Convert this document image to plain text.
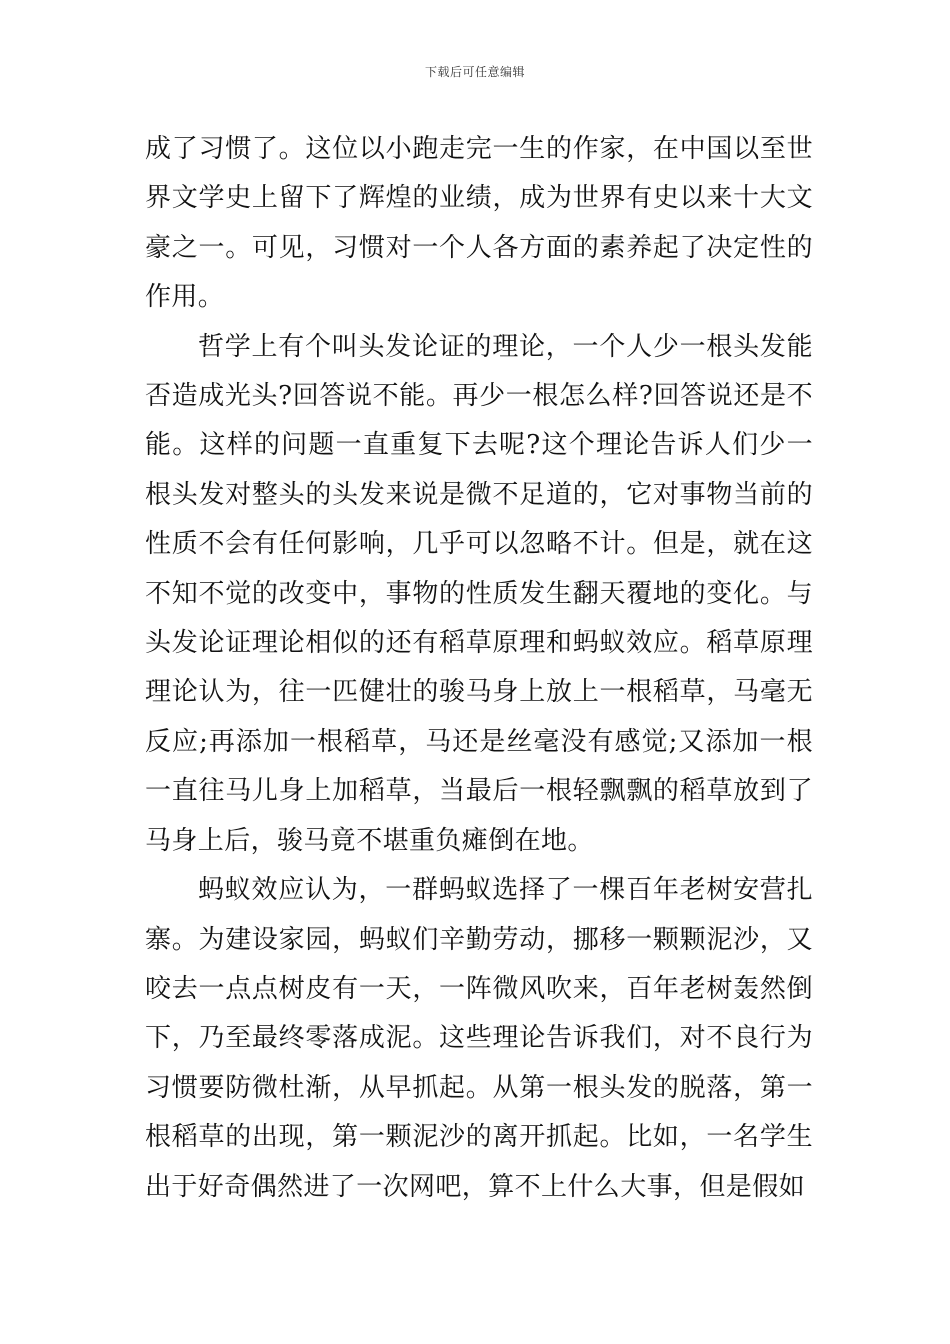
下载后可任意编辑

成了习惯了。这位以小跑走完一生的作家，在中国以至世界文学史上留下了辉煌的业绩，成为世界有史以来十大文豪之一。可见，习惯对一个人各方面的素养起了决定性的作用。

哲学上有个叫头发论证的理论，一个人少一根头发能否造成光头?回答说不能。再少一根怎么样?回答说还是不能。这样的问题一直重复下去呢?这个理论告诉人们少一根头发对整头的头发来说是微不足道的，它对事物当前的性质不会有任何影响，几乎可以忽略不计。但是，就在这不知不觉的改变中，事物的性质发生翻天覆地的变化。与头发论证理论相似的还有稻草原理和蚂蚁效应。稻草原理理论认为，往一匹健壮的骏马身上放上一根稻草，马毫无反应;再添加一根稻草，马还是丝毫没有感觉;又添加一根一直往马儿身上加稻草，当最后一根轻飘飘的稻草放到了马身上后，骏马竟不堪重负瘫倒在地。

蚂蚁效应认为，一群蚂蚁选择了一棵百年老树安营扎寨。为建设家园，蚂蚁们辛勤劳动，挪移一颗颗泥沙，又咬去一点点树皮有一天，一阵微风吹来，百年老树轰然倒下，乃至最终零落成泥。这些理论告诉我们，对不良行为习惯要防微杜渐，从早抓起。从第一根头发的脱落，第一根稻草的出现，第一颗泥沙的离开抓起。比如，一名学生出于好奇偶然进了一次网吧，算不上什么大事，但是假如
